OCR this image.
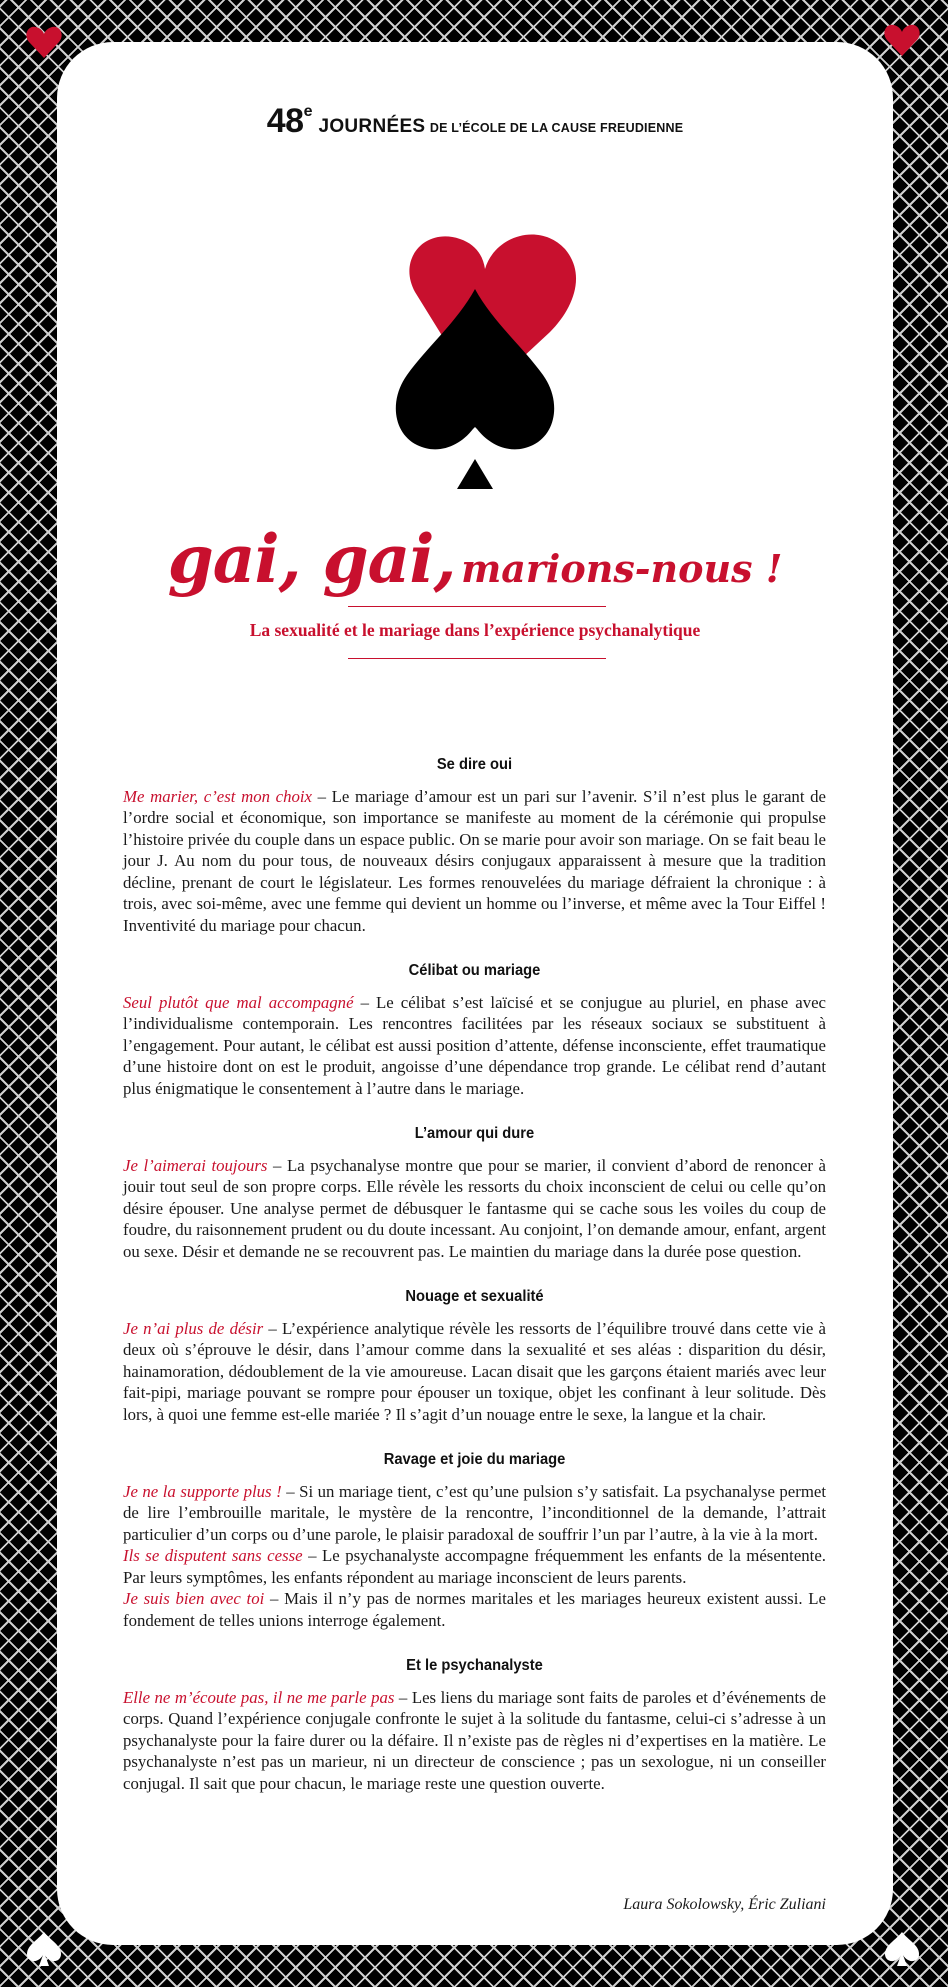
48eJOURNÉES DE L’ÉCOLE DE LA CAUSE FREUDIENNE
gai, gai, marions-nous !
La sexualité et le mariage dans l’expérience psychanalytique
Se dire oui

Me marier, c’est mon choix – Le mariage d’amour est un pari sur l’avenir. S’il n’est plus le garant de l’ordre social et économique, son importance se manifeste au moment de la cérémonie qui propulse l’histoire privée du couple dans un espace public. On se marie pour avoir son mariage. On se fait beau le jour J. Au nom du pour tous, de nouveaux désirs conjugaux apparaissent à mesure que la tradition décline, prenant de court le législateur. Les formes renouvelées du mariage défraient la chronique : à trois, avec soi-même, avec une femme qui devient un homme ou l’inverse, et même avec la Tour Eiffel ! Inventivité du mariage pour chacun.

Célibat ou mariage

Seul plutôt que mal accompagné – Le célibat s’est laïcisé et se conjugue au pluriel, en phase avec l’individualisme contemporain. Les rencontres facilitées par les réseaux sociaux se substituent à l’engagement. Pour autant, le célibat est aussi position d’attente, défense inconsciente, effet traumatique d’une histoire dont on est le produit, angoisse d’une dépendance trop grande. Le célibat rend d’autant plus énigmatique le consentement à l’autre dans le mariage.

L’amour qui dure

Je l’aimerai toujours – La psychanalyse montre que pour se marier, il convient d’abord de renoncer à jouir tout seul de son propre corps. Elle révèle les ressorts du choix inconscient de celui ou celle qu’on désire épouser. Une analyse permet de débusquer le fantasme qui se cache sous les voiles du coup de foudre, du raisonnement prudent ou du doute incessant. Au conjoint, l’on demande amour, enfant, argent ou sexe. Désir et demande ne se recouvrent pas. Le maintien du mariage dans la durée pose question.

Nouage et sexualité

Je n’ai plus de désir – L’expérience analytique révèle les ressorts de l’équilibre trouvé dans cette vie à deux où s’éprouve le désir, dans l’amour comme dans la sexualité et ses aléas : disparition du désir, hainamoration, dédoublement de la vie amoureuse. Lacan disait que les garçons étaient mariés avec leur fait-pipi, mariage pouvant se rompre pour épouser un toxique, objet les confinant à leur solitude. Dès lors, à quoi une femme est-elle mariée ? Il s’agit d’un nouage entre le sexe, la langue et la chair.

Ravage et joie du mariage

Je ne la supporte plus ! – Si un mariage tient, c’est qu’une pulsion s’y satisfait. La psychanalyse permet de lire l’embrouille maritale, le mystère de la rencontre, l’inconditionnel de la demande, l’attrait particulier d’un corps ou d’une parole, le plaisir paradoxal de souffrir l’un par l’autre, à la vie à la mort.

Ils se disputent sans cesse – Le psychanalyste accompagne fréquemment les enfants de la mésentente. Par leurs symptômes, les enfants répondent au mariage inconscient de leurs parents.

Je suis bien avec toi – Mais il n’y pas de normes maritales et les mariages heureux existent aussi. Le fondement de telles unions interroge également.

Et le psychanalyste

Elle ne m’écoute pas, il ne me parle pas – Les liens du mariage sont faits de paroles et d’événements de corps. Quand l’expérience conjugale confronte le sujet à la solitude du fantasme, celui-ci s’adresse à un psychanalyste pour la faire durer ou la défaire. Il n’existe pas de règles ni d’expertises en la matière. Le psychanalyste n’est pas un marieur, ni un directeur de conscience ; pas un sexologue, ni un conseiller conjugal. Il sait que pour chacun, le mariage reste une question ouverte.

Laura Sokolowsky, Éric Zuliani
